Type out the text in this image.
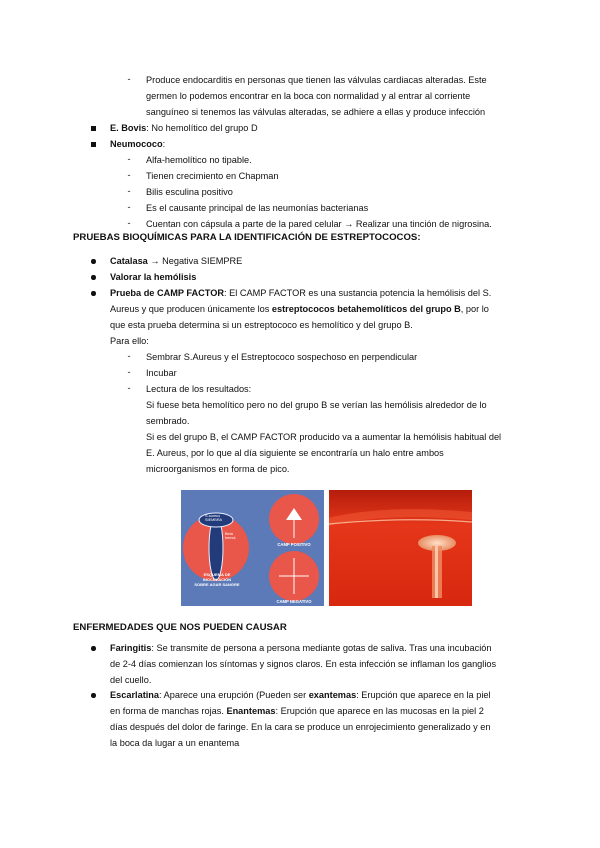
- Produce endocarditis en personas que tienen las válvulas cardiacas alteradas. Este
germen lo podemos encontrar en la boca con normalidad y al entrar al corriente
sanguíneo si tenemos las válvulas alteradas, se adhiere a ellas y produce infección
E. Bovis: No hemolítico del grupo D
Neumococo:
- Alfa-hemolítico no tipable.
- Tienen crecimiento en Chapman
- Bilis esculina positivo
- Es el causante principal de las neumonías bacterianas
- Cuentan con cápsula a parte de la pared celular → Realizar una tinción de nigrosina.
PRUEBAS BIOQUÍMICAS PARA LA IDENTIFICACIÓN DE ESTREPTOCOCOS:
Catalasa → Negativa SIEMPRE
Valorar la hemólisis
Prueba de CAMP FACTOR: El CAMP FACTOR es una sustancia potencia la hemólisis del S.
Aureus y que producen únicamente los estreptococos betahemolíticos del grupo B, por lo
que esta prueba determina si un estreptococo es hemolítico y del grupo B.
Para ello:
- Sembrar S.Aureus y el Estreptococo sospechoso en perpendicular
- Incubar
- Lectura de los resultados:
Si fuese beta hemolítico pero no del grupo B se verían las hemólisis alrededor de lo
sembrado.
Si es del grupo B, el CAMP FACTOR producido va a aumentar la hemólisis habitual del
E. Aureus, por lo que al día siguiente se encontraría un halo entre ambos
microorganismos en forma de pico.
S.aureus
SIEMBRA
Beta
hemol.
ESQUEMA DE INOCULACIÓN
SOBRE AGAR SANGRE
CAMP POSITIVO
CAMP NEGATIVO
ENFERMEDADES QUE NOS PUEDEN CAUSAR
Faringitis: Se transmite de persona a persona mediante gotas de saliva. Tras una incubación
de 2-4 días comienzan los síntomas y signos claros. En esta infección se inflaman los ganglios
del cuello.
Escarlatina: Aparece una erupción (Pueden ser exantemas: Erupción que aparece en la piel
en forma de manchas rojas. Enantemas: Erupción que aparece en las mucosas en la piel 2
días después del dolor de faringe. En la cara se produce un enrojecimiento generalizado y en
la boca da lugar a un enantema
